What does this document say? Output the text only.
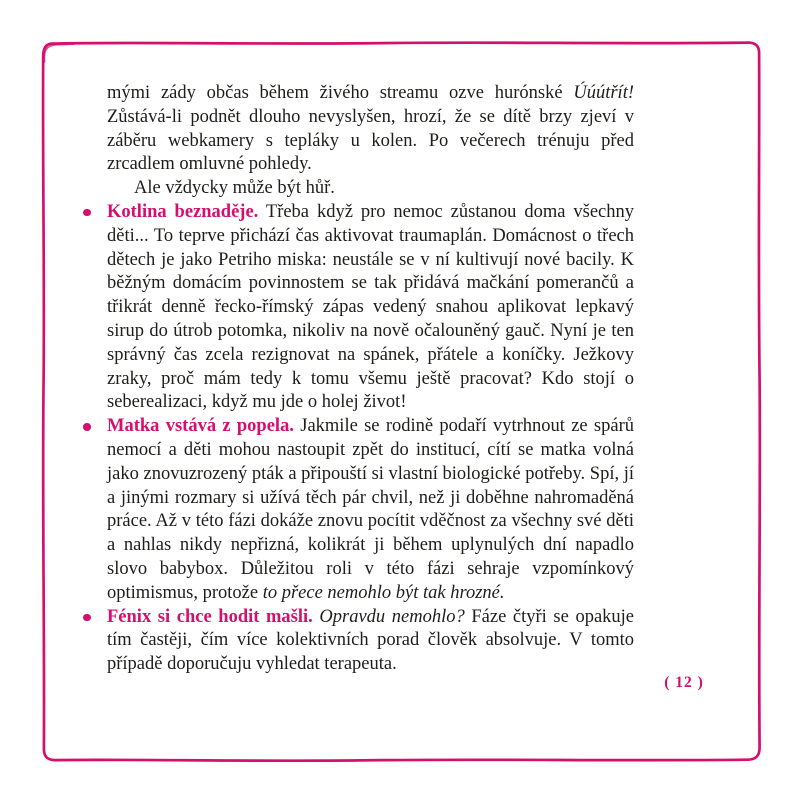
mými zády občas během živého streamu ozve hurónské Úúútřít! Zůstává-li podnět dlouho nevyslyšen, hrozí, že se dítě brzy zjeví v záběru webkamery s tepláky u kolen. Po večerech trénuju před zrcadlem omluvné pohledy.

Ale vždycky může být hůř.

Kotlina beznaděje. Třeba když pro nemoc zůstanou doma všechny děti... To teprve přichází čas aktivovat traumaplán. Domácnost o třech dětech je jako Petriho miska: neustále se v ní kultivují nové bacily. K běžným domácím povinnostem se tak přidává mačkání pomerančů a třikrát denně řecko-římský zápas vedený snahou aplikovat lepkavý sirup do útrob potomka, nikoliv na nově očalouněný gauč. Nyní je ten správný čas zcela rezignovat na spánek, přátele a koníčky. Ježkovy zraky, proč mám tedy k tomu všemu ještě pracovat? Kdo stojí o seberealizaci, když mu jde o holej život!
Matka vstává z popela. Jakmile se rodině podaří vytrhnout ze spárů nemocí a děti mohou nastoupit zpět do institucí, cítí se matka volná jako znovuzrozený pták a připouští si vlastní biologické potřeby. Spí, jí a jinými rozmary si užívá těch pár chvil, než ji doběhne nahromaděná práce. Až v této fázi dokáže znovu pocítit vděčnost za všechny své děti a nahlas nikdy nepřizná, kolikrát ji během uplynulých dní napadlo slovo babybox. Důležitou roli v této fázi sehraje vzpomínkový optimismus, protože to přece nemohlo být tak hrozné.
Fénix si chce hodit mašli. Opravdu nemohlo? Fáze čtyři se opakuje tím častěji, čím více kolektivních porad člověk absolvuje. V tomto případě doporučuju vyhledat terapeuta.
( 12 )
